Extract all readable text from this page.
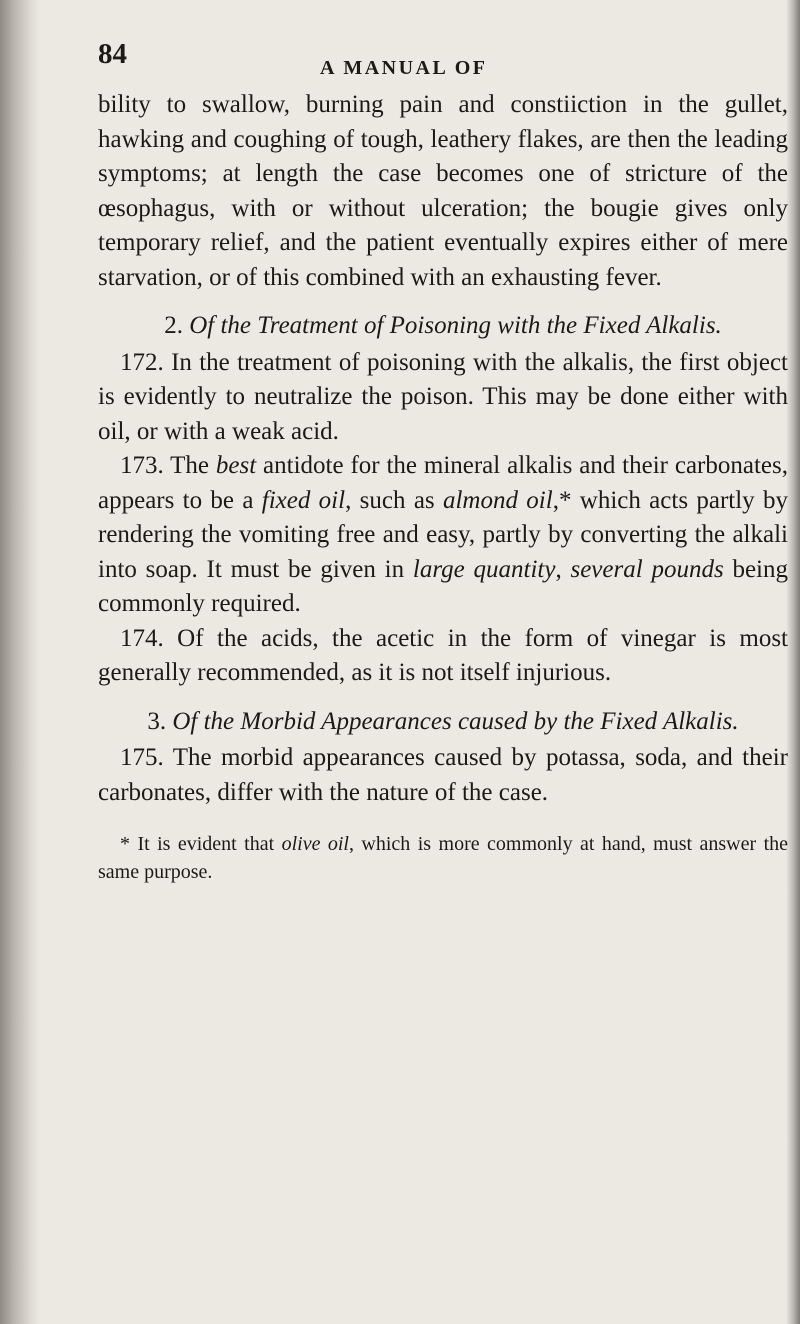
84	A MANUAL OF

bility to swallow, burning pain and constiiction in the gullet, hawking and coughing of tough, leathery flakes, are then the leading symptoms; at length the case becomes one of stricture of the œsophagus, with or without ulceration; the bougie gives only temporary relief, and the patient eventually expires either of mere starvation, or of this combined with an exhausting fever.

2. Of the Treatment of Poisoning with the Fixed Alkalis.

172. In the treatment of poisoning with the alkalis, the first object is evidently to neutralize the poison. This may be done either with oil, or with a weak acid.

173. The best antidote for the mineral alkalis and their carbonates, appears to be a fixed oil, such as almond oil,* which acts partly by rendering the vomiting free and easy, partly by converting the alkali into soap. It must be given in large quantity, several pounds being commonly required.

174. Of the acids, the acetic in the form of vinegar is most generally recommended, as it is not itself injurious.

3. Of the Morbid Appearances caused by the Fixed Alkalis.

175. The morbid appearances caused by potassa, soda, and their carbonates, differ with the nature of the case.

* It is evident that olive oil, which is more commonly at hand, must answer the same purpose.
